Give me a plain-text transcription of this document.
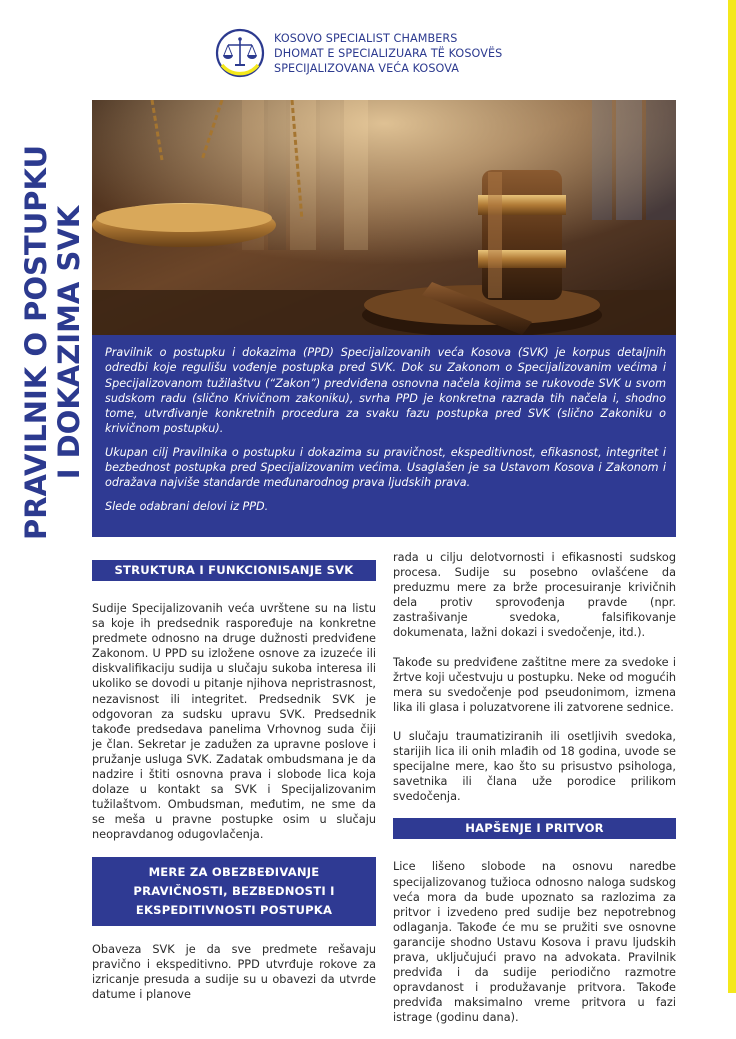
KOSOVO SPECIALIST CHAMBERS
DHOMAT E SPECIALIZUARA TË KOSOVËS
SPECIJALIZOVANA VEĆA KOSOVA
PRAVILNIK O POSTUPKU I DOKAZIMA SVK Pravilnik o postupku i dokazima (PPD) Specijalizovanih veća Kosova (SVK) je korpus detaljnih odredbi koje regulišu vođenje postupka pred SVK. Dok su Zakonom o Specijalizovanim većima i Specijalizovanom tužilaštvu (“Zakon”) predviđena osnovna načela kojima se rukovode SVK u svom sudskom radu (slično Krivičnom zakoniku), svrha PPD je konkretna razrada tih načela i, shodno tome, utvrđivanje konkretnih procedura za svaku fazu postupka pred SVK (slično Zakoniku o krivičnom postupku).

Ukupan cilj Pravilnika o postupku i dokazima su pravičnost, ekspeditivnost, efikasnost, integritet i bezbednost postupka pred Specijalizovanim većima. Usaglašen je sa Ustavom Kosova i Zakonom i odražava najviše standarde međunarodnog prava ljudskih prava.

Slede odabrani delovi iz PPD.

STRUKTURA I FUNKCIONISANJE SVK

Sudije Specijalizovanih veća uvrštene su na listu sa koje ih predsednik raspoređuje na konkretne predmete odnosno na druge dužnosti predviđene Zakonom. U PPD su izložene osnove za izuzeće ili diskvalifikaciju sudija u slučaju sukoba interesa ili ukoliko se dovodi u pitanje njihova nepristrasnost, nezavisnost ili integritet. Predsednik SVK je odgovoran za sudsku upravu SVK. Predsednik takođe predsedava panelima Vrhovnog suda čiji je član. Sekretar je zadužen za upravne poslove i pružanje usluga SVK. Zadatak ombudsmana je da nadzire i štiti osnovna prava i slobode lica koja dolaze u kontakt sa SVK i Specijalizovanim tužilaštvom. Ombudsman, međutim, ne sme da se meša u pravne postupke osim u slučaju neopravdanog odugovlačenja.

MERE ZA OBEZBEĐIVANJE PRAVIČNOSTI, BEZBEDNOSTI I EKSPEDITIVNOSTI POSTUPKA

Obaveza SVK je da sve predmete rešavaju pravično i ekspeditivno. PPD utvrđuje rokove za izricanje presuda a sudije su u obavezi da utvrde datume i planove

rada u cilju delotvornosti i efikasnosti sudskog procesa. Sudije su posebno ovlašćene da preduzmu mere za brže procesuiranje krivičnih dela protiv sprovođenja pravde (npr. zastrašivanje svedoka, falsifikovanje dokumenata, lažni dokazi i svedočenje, itd.).

Takođe su predviđene zaštitne mere za svedoke i žrtve koji učestvuju u postupku. Neke od mogućih mera su svedočenje pod pseudonimom, izmena lika ili glasa i poluzatvorene ili zatvorene sednice.

U slučaju traumatiziranih ili osetljivih svedoka, starijih lica ili onih mlađih od 18 godina, uvode se specijalne mere, kao što su prisustvo psihologa, savetnika ili člana uže porodice prilikom svedočenja.

HAPŠENJE I PRITVOR

Lice lišeno slobode na osnovu naredbe specijalizovanog tužioca odnosno naloga sudskog veća mora da bude upoznato sa razlozima za pritvor i izvedeno pred sudije bez nepotrebnog odlaganja. Takođe će mu se pružiti sve osnovne garancije shodno Ustavu Kosova i pravu ljudskih prava, uključujući pravo na advokata. Pravilnik predviđa i da sudije periodično razmotre opravdanost i produžavanje pritvora. Takođe predviđa maksimalno vreme pritvora u fazi istrage (godinu dana).
